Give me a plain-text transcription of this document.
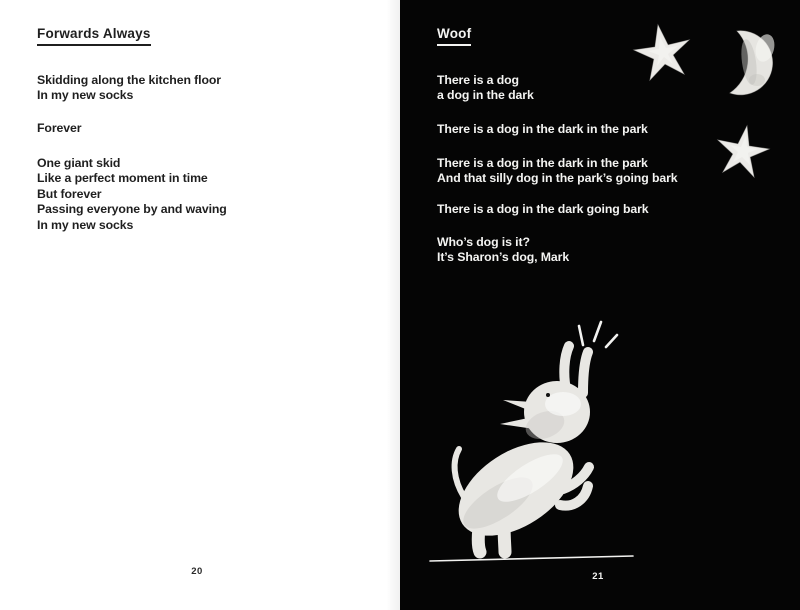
Forwards Always
Skidding along the kitchen floor
In my new socks
Forever
One giant skid
Like a perfect moment in time
But forever
Passing everyone by and waving
In my new socks
20
Woof
There is a dog
a dog in the dark
There is a dog in the dark in the park
There is a dog in the dark in the park
And that silly dog in the park’s going bark
There is a dog in the dark going bark
Who’s dog is it?
It’s Sharon’s dog, Mark
21
